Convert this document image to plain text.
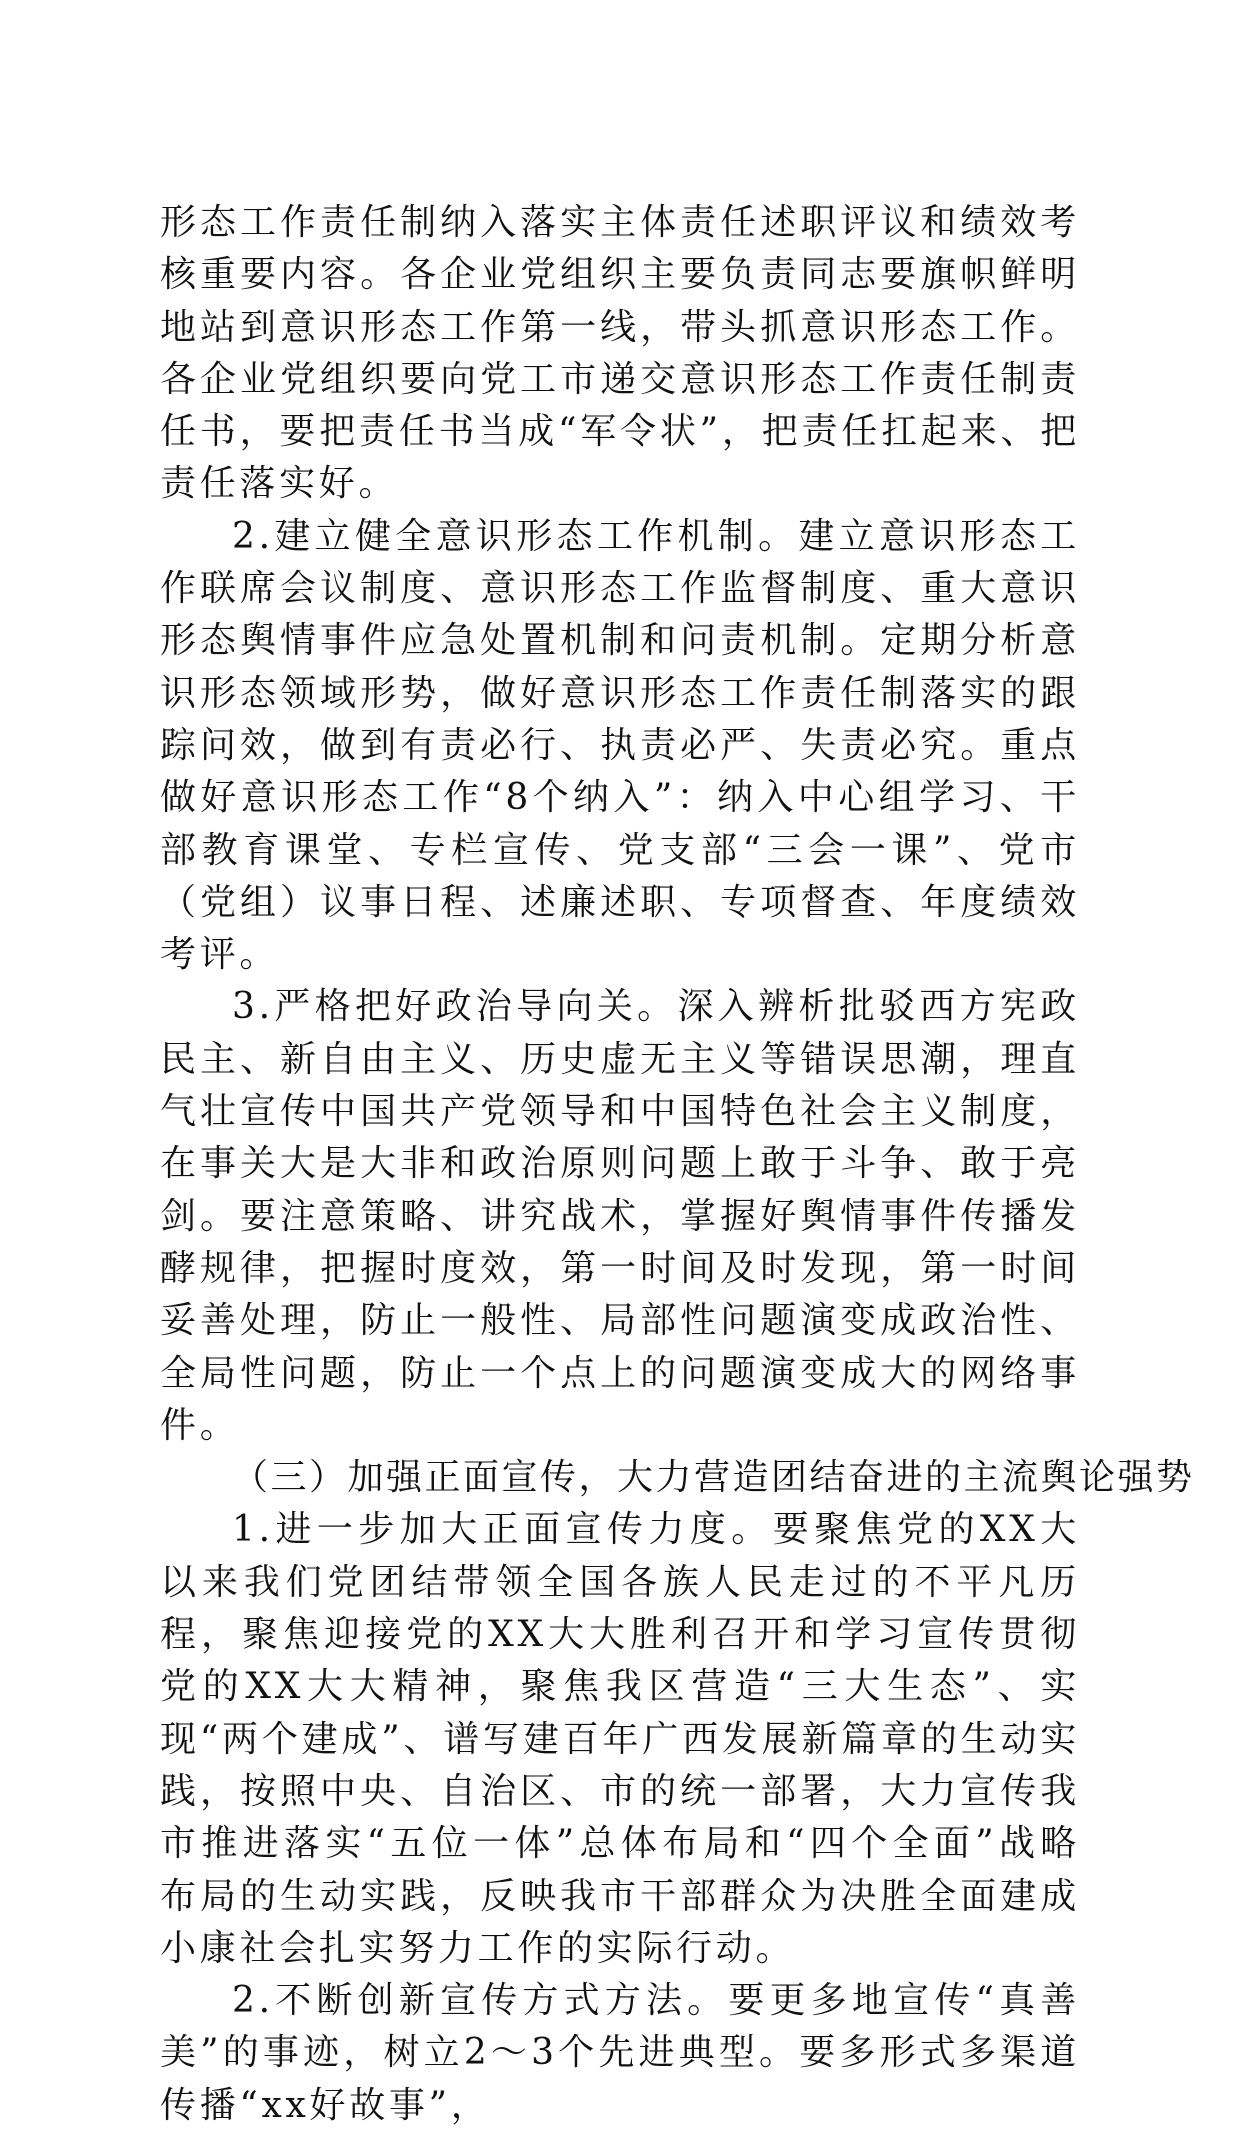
形态工作责任制纳入落实主体责任述职评议和绩效考核重要内容。各企业党组织主要负责同志要旗帜鲜明地站到意识形态工作第一线，带头抓意识形态工作。各企业党组织要向党工市递交意识形态工作责任制责任书，要把责任书当成“军令状”，把责任扛起来、把责任落实好。

2.建立健全意识形态工作机制。建立意识形态工作联席会议制度、意识形态工作监督制度、重大意识形态舆情事件应急处置机制和问责机制。定期分析意识形态领域形势，做好意识形态工作责任制落实的跟踪问效，做到有责必行、执责必严、失责必究。重点做好意识形态工作“8个纳入”：纳入中心组学习、干部教育课堂、专栏宣传、党支部“三会一课”、党市（党组）议事日程、述廉述职、专项督查、年度绩效考评。

3.严格把好政治导向关。深入辨析批驳西方宪政民主、新自由主义、历史虚无主义等错误思潮，理直气壮宣传中国共产党领导和中国特色社会主义制度，在事关大是大非和政治原则问题上敢于斗争、敢于亮剑。要注意策略、讲究战术，掌握好舆情事件传播发酵规律，把握时度效，第一时间及时发现，第一时间妥善处理，防止一般性、局部性问题演变成政治性、全局性问题，防止一个点上的问题演变成大的网络事件。

（三）加强正面宣传，大力营造团结奋进的主流舆论强势

1.进一步加大正面宣传力度。要聚焦党的XX大以来我们党团结带领全国各族人民走过的不平凡历程，聚焦迎接党的XX大大胜利召开和学习宣传贯彻党的XX大大精神，聚焦我区营造“三大生态”、实现“两个建成”、谱写建百年广西发展新篇章的生动实践，按照中央、自治区、市的统一部署，大力宣传我市推进落实“五位一体”总体布局和“四个全面”战略布局的生动实践，反映我市干部群众为决胜全面建成小康社会扎实努力工作的实际行动。

2.不断创新宣传方式方法。要更多地宣传“真善美”的事迹，树立2～3个先进典型。要多形式多渠道传播“xx好故事”，
